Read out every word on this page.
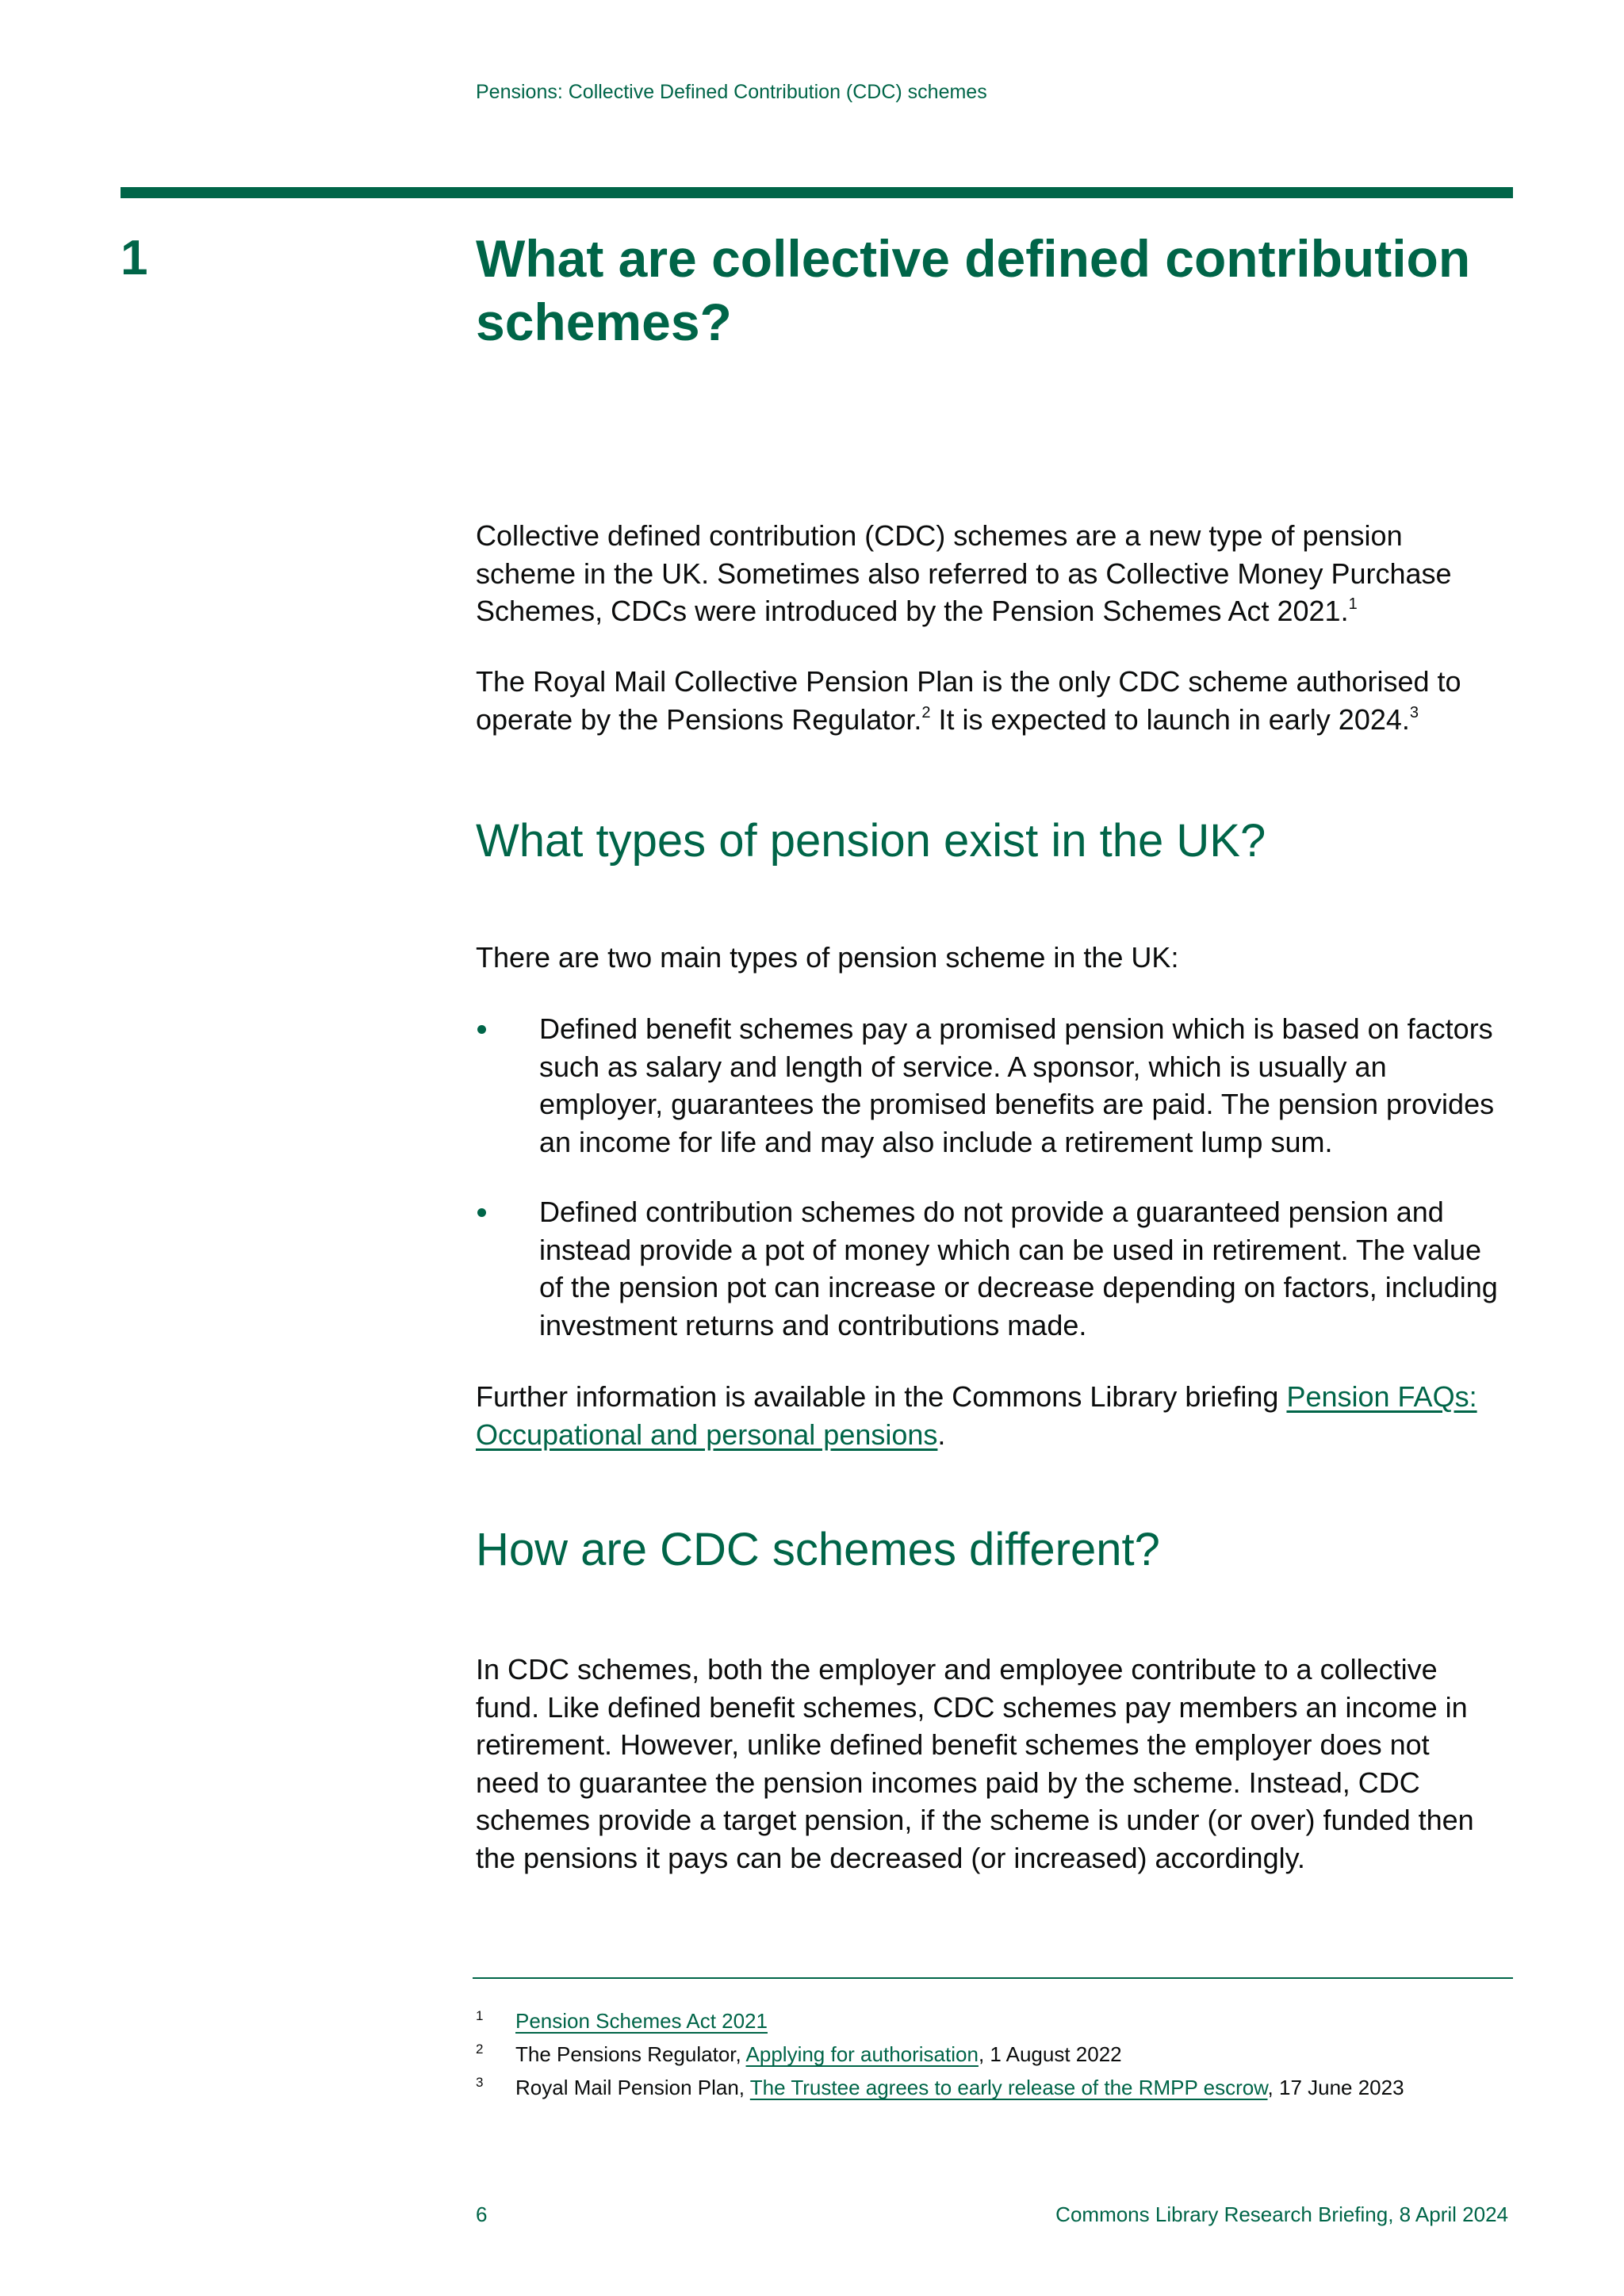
Pensions: Collective Defined Contribution (CDC) schemes
1	What are collective defined contribution schemes?

Collective defined contribution (CDC) schemes are a new type of pension scheme in the UK. Sometimes also referred to as Collective Money Purchase Schemes, CDCs were introduced by the Pension Schemes Act 2021.$^1$

The Royal Mail Collective Pension Plan is the only CDC scheme authorised to operate by the Pensions Regulator.$^2$ It is expected to launch in early 2024.$^3$

What types of pension exist in the UK?

There are two main types of pension scheme in the UK:

Defined benefit schemes pay a promised pension which is based on factors such as salary and length of service. A sponsor, which is usually an employer, guarantees the promised benefits are paid. The pension provides an income for life and may also include a retirement lump sum.
Defined contribution schemes do not provide a guaranteed pension and instead provide a pot of money which can be used in retirement. The value of the pension pot can increase or decrease depending on factors, including investment returns and contributions made.

Further information is available in the Commons Library briefing Pension FAQs: Occupational and personal pensions.

How are CDC schemes different?

In CDC schemes, both the employer and employee contribute to a collective fund. Like defined benefit schemes, CDC schemes pay members an income in retirement. However, unlike defined benefit schemes the employer does not need to guarantee the pension incomes paid by the scheme. Instead, CDC schemes provide a target pension, if the scheme is under (or over) funded then the pensions it pays can be decreased (or increased) accordingly.

1 Pension Schemes Act 2021
2 The Pensions Regulator, Applying for authorisation, 1 August 2022
3 Royal Mail Pension Plan, The Trustee agrees to early release of the RMPP escrow, 17 June 2023
6	Commons Library Research Briefing, 8 April 2024
